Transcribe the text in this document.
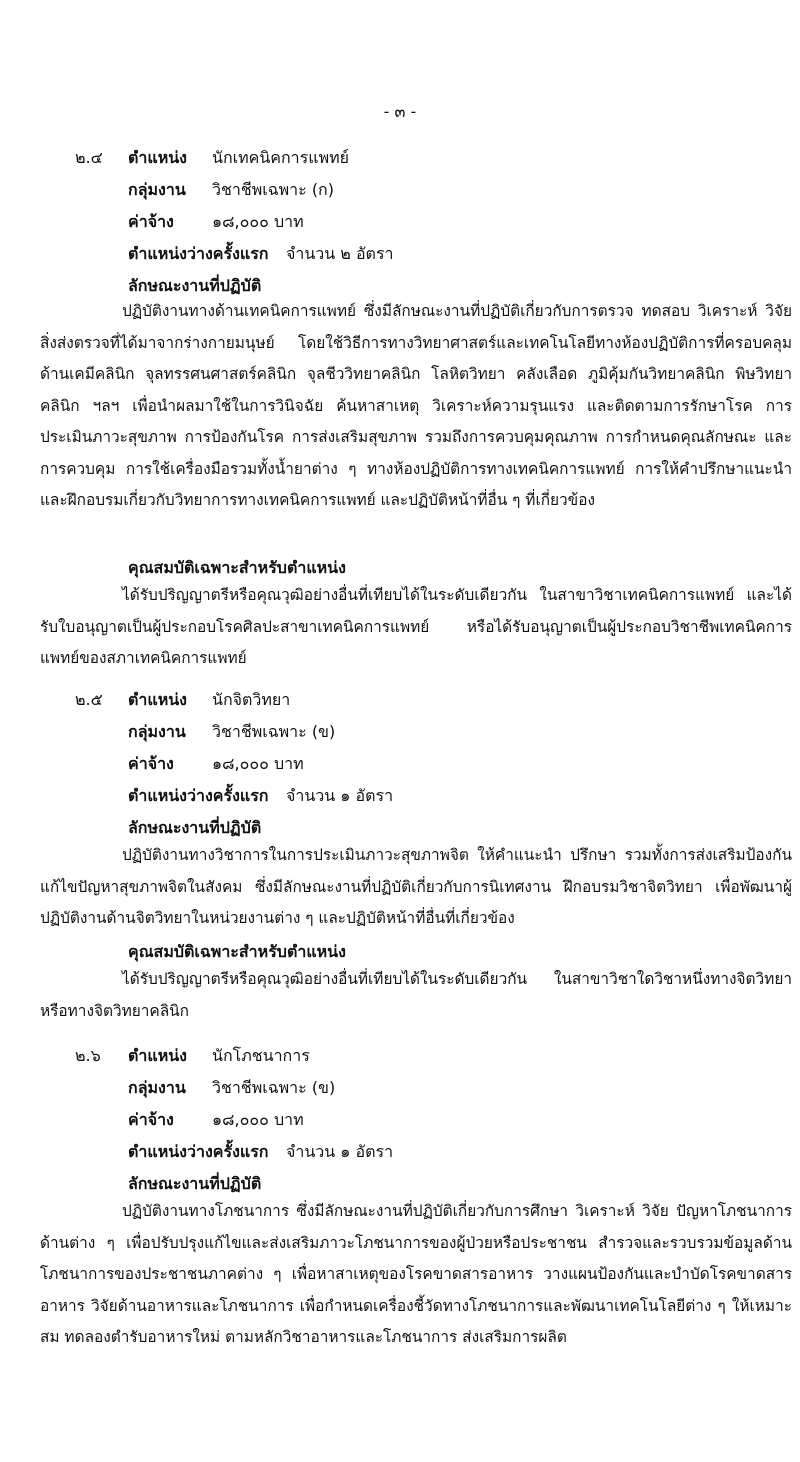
- ๓ -
๒.๔ ตำแหน่ง นักเทคนิคการแพทย์
กลุ่มงาน วิชาชีพเฉพาะ (ก)
ค่าจ้าง ๑๘,๐๐๐ บาท
ตำแหน่งว่างครั้งแรก จำนวน ๒ อัตรา
ลักษณะงานที่ปฏิบัติ
ปฏิบัติงานทางด้านเทคนิคการแพทย์ ซึ่งมีลักษณะงานที่ปฏิบัติเกี่ยวกับการตรวจ ทดสอบ วิเคราะห์ วิจัยสิ่งส่งตรวจที่ได้มาจากร่างกายมนุษย์ โดยใช้วิธีการทางวิทยาศาสตร์และเทคโนโลยีทางห้องปฏิบัติการที่ครอบคลุมด้านเคมีคลินิก จุลทรรศนศาสตร์คลินิก จุลชีววิทยาคลินิก โลหิตวิทยา คลังเลือด ภูมิคุ้มกันวิทยาคลินิก พิษวิทยาคลินิก ฯลฯ เพื่อนำผลมาใช้ในการวินิจฉัย ค้นหาสาเหตุ วิเคราะห์ความรุนแรง และติดตามการรักษาโรค การประเมินภาวะสุขภาพ การป้องกันโรค การส่งเสริมสุขภาพ รวมถึงการควบคุมคุณภาพ การกำหนดคุณลักษณะ และการควบคุม การใช้เครื่องมือรวมทั้งน้ำยาต่าง ๆ ทางห้องปฏิบัติการทางเทคนิคการแพทย์ การให้คำปรึกษาแนะนำ และฝึกอบรมเกี่ยวกับวิทยาการทางเทคนิคการแพทย์ และปฏิบัติหน้าที่อื่น ๆ ที่เกี่ยวข้อง
คุณสมบัติเฉพาะสำหรับตำแหน่ง
ได้รับปริญญาตรีหรือคุณวุฒิอย่างอื่นที่เทียบได้ในระดับเดียวกัน ในสาขาวิชาเทคนิคการแพทย์ และได้รับใบอนุญาตเป็นผู้ประกอบโรคศิลปะสาขาเทคนิคการแพทย์ หรือได้รับอนุญาตเป็นผู้ประกอบวิชาชีพเทคนิคการแพทย์ของสภาเทคนิคการแพทย์
๒.๕ ตำแหน่ง นักจิตวิทยา
กลุ่มงาน วิชาชีพเฉพาะ (ข)
ค่าจ้าง ๑๘,๐๐๐ บาท
ตำแหน่งว่างครั้งแรก จำนวน ๑ อัตรา
ลักษณะงานที่ปฏิบัติ
ปฏิบัติงานทางวิชาการในการประเมินภาวะสุขภาพจิต ให้คำแนะนำ ปรึกษา รวมทั้งการส่งเสริมป้องกัน แก้ไขปัญหาสุขภาพจิตในสังคม ซึ่งมีลักษณะงานที่ปฏิบัติเกี่ยวกับการนิเทศงาน ฝึกอบรมวิชาจิตวิทยา เพื่อพัฒนาผู้ปฏิบัติงานด้านจิตวิทยาในหน่วยงานต่าง ๆ และปฏิบัติหน้าที่อื่นที่เกี่ยวข้อง
คุณสมบัติเฉพาะสำหรับตำแหน่ง
ได้รับปริญญาตรีหรือคุณวุฒิอย่างอื่นที่เทียบได้ในระดับเดียวกัน ในสาขาวิชาใดวิชาหนึ่งทางจิตวิทยา หรือทางจิตวิทยาคลินิก
๒.๖ ตำแหน่ง นักโภชนาการ
กลุ่มงาน วิชาชีพเฉพาะ (ข)
ค่าจ้าง ๑๘,๐๐๐ บาท
ตำแหน่งว่างครั้งแรก จำนวน ๑ อัตรา
ลักษณะงานที่ปฏิบัติ
ปฏิบัติงานทางโภชนาการ ซึ่งมีลักษณะงานที่ปฏิบัติเกี่ยวกับการศึกษา วิเคราะห์ วิจัย ปัญหาโภชนาการด้านต่าง ๆ เพื่อปรับปรุงแก้ไขและส่งเสริมภาวะโภชนาการของผู้ป่วยหรือประชาชน สำรวจและรวบรวมข้อมูลด้านโภชนาการของประชาชนภาคต่าง ๆ เพื่อหาสาเหตุของโรคขาดสารอาหาร วางแผนป้องกันและบำบัดโรคขาดสารอาหาร วิจัยด้านอาหารและโภชนาการ เพื่อกำหนดเครื่องชี้วัดทางโภชนาการและพัฒนาเทคโนโลยีต่าง ๆ ให้เหมาะสม ทดลองตำรับอาหารใหม่ ตามหลักวิชาอาหารและโภชนาการ ส่งเสริมการผลิต
